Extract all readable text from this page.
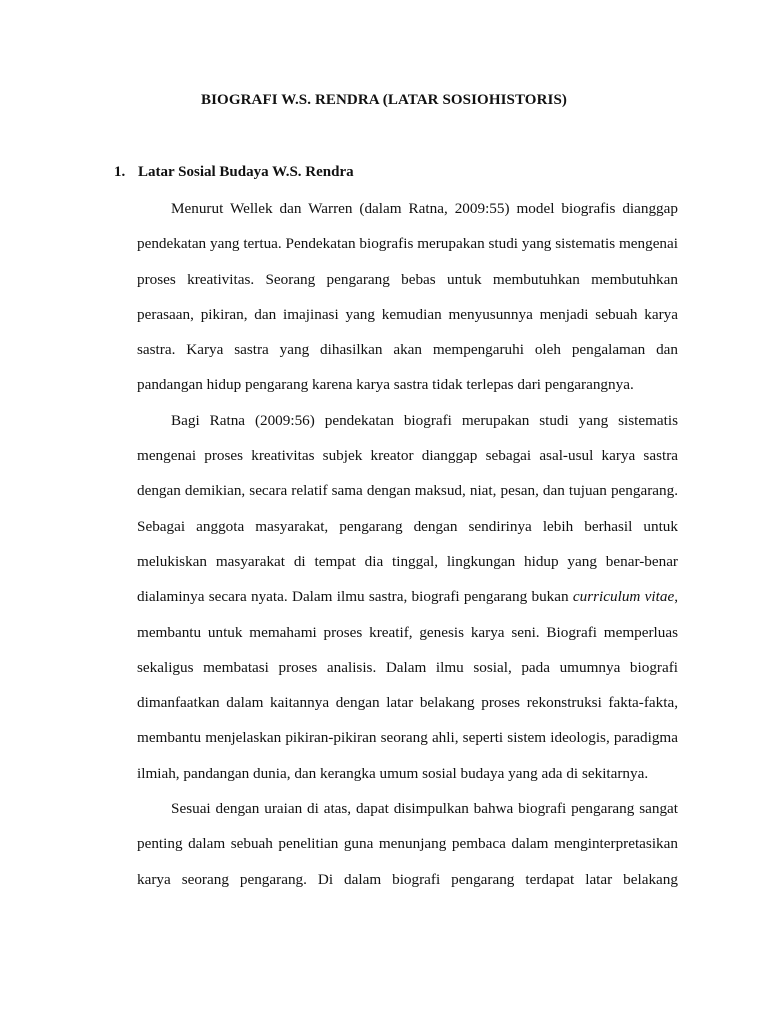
BIOGRAFI W.S. RENDRA (LATAR SOSIOHISTORIS)
1. Latar Sosial Budaya W.S. Rendra

Menurut Wellek dan Warren (dalam Ratna, 2009:55) model biografis dianggap pendekatan yang tertua. Pendekatan biografis merupakan studi yang sistematis mengenai proses kreativitas. Seorang pengarang bebas untuk membutuhkan membutuhkan perasaan, pikiran, dan imajinasi yang kemudian menyusunnya menjadi sebuah karya sastra. Karya sastra yang dihasilkan akan mempengaruhi oleh pengalaman dan pandangan hidup pengarang karena karya sastra tidak terlepas dari pengarangnya.

Bagi Ratna (2009:56) pendekatan biografi merupakan studi yang sistematis mengenai proses kreativitas subjek kreator dianggap sebagai asal-usul karya sastra dengan demikian, secara relatif sama dengan maksud, niat, pesan, dan tujuan pengarang. Sebagai anggota masyarakat, pengarang dengan sendirinya lebih berhasil untuk melukiskan masyarakat di tempat dia tinggal, lingkungan hidup yang benar-benar dialaminya secara nyata. Dalam ilmu sastra, biografi pengarang bukan curriculum vitae, membantu untuk memahami proses kreatif, genesis karya seni. Biografi memperluas sekaligus membatasi proses analisis. Dalam ilmu sosial, pada umumnya biografi dimanfaatkan dalam kaitannya dengan latar belakang proses rekonstruksi fakta-fakta, membantu menjelaskan pikiran-pikiran seorang ahli, seperti sistem ideologis, paradigma ilmiah, pandangan dunia, dan kerangka umum sosial budaya yang ada di sekitarnya.

Sesuai dengan uraian di atas, dapat disimpulkan bahwa biografi pengarang sangat penting dalam sebuah penelitian guna menunjang pembaca dalam menginterpretasikan karya seorang pengarang. Di dalam biografi pengarang terdapat latar belakang
